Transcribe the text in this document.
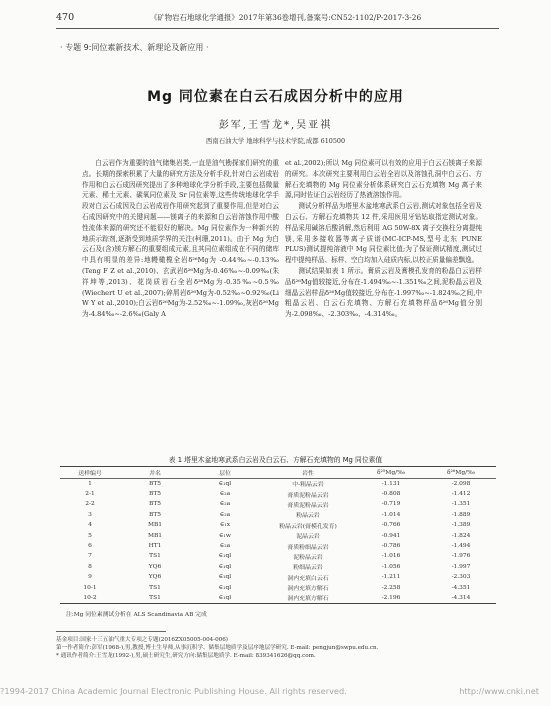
470	《矿物岩石地球化学通报》2017年第36卷增刊,备案号:CN52-1102/P-2017-3-26
· 专题 9:同位素新技术、新理论及新应用 ·
Mg 同位素在白云石成因分析中的应用
彭军,王雪龙*,吴亚祺
西南石油大学 地球科学与技术学院,成都 610500

白云岩作为重要的油气储集岩类,一直是油气勘探家们研究的重点。长期的探索积累了大量的研究方法及分析手段,针对白云岩成岩作用和白云石成因研究提出了多种地球化学分析手段,主要包括微量元素、稀土元素、碳氧同位素及 Sr 同位素等,这些传统地球化学手段对白云石成因及白云岩成岩作用研究起到了重要作用,但是对白云石成因研究中的关键问题——镁离子的来源和白云岩溶蚀作用中酸性流体来源的研究还不能很好的解决。Mg 同位素作为一种新兴的地质示踪剂,逐渐受到地质学界的关注(柯珊,2011)。由于 Mg 为白云石及(含)镁方解石的重要组成元素,且其同位素组成在不同的储库中具有明显的差异:地幔橄榄全岩δ²⁶Mg为 -0.44‰~-0.13‰(Teng F Z et al.,2010)、玄武岩δ²⁶Mg为-0.46‰~-0.09‰(朱祥坤等,2013)、花岗质岩石全岩δ²⁶Mg为-0.35‰~0.5‰(Wiechert U et al.,2007);碎屑岩δ²⁶Mg为-0.52‰~0.92‰(Li W Y et al.,2010);白云岩δ²⁶Mg为-2.52‰~-1.09‰,灰岩δ²⁶Mg为-4.84‰~-2.6‰(Galy A

et al.,2002);所以 Mg 同位素可以有效的应用于白云石镁离子来源的研究。本次研究主要利用白云岩全岩以及溶蚀孔洞中白云石、方解石充填物的 Mg 同位素分析体系研究白云石充填物 Mg 离子来源,同时佐证白云岩经历了热液溶蚀作用。

测试分析样品为塔里木盆地寒武系白云岩,测试对象包括全岩及白云石、方解石充填物共 12 件,采用医用牙钻钻取指定测试对象。样品采用碱溶后酸消解,然后利用 AG 50W-8X 离子交换柱分离提纯镁,采用多接收器等离子质谱(MC-ICP-MS,型号北东 PUNE PLUS)测试提纯溶液中 Mg 同位素比值;为了保证测试精度,测试过程中提纯样品、标样、空白均加入硅质内标,以校正质量偏差飘逸。

测试结果如表 1 所示。膏质云岩及膏模孔发育的粉晶白云岩样品δ²⁶Mg值较接近,分布在-1.494‰~-1.351‰之间,泥粉晶云岩及细晶云岩样品δ²⁶Mg值较接近,分布在-1.997‰~-1.824‰之间,中粗晶云岩、白云石充填物、方解石充填物样品δ²⁶Mg值分别为-2.098‰、-2.303‰、-4.314‰。

表 1 塔里木盆地寒武系白云岩及白云石、方解石充填物的 Mg 同位素值
送样编号	井名	层位	岩性	δ²⁵Mg/‰	δ²⁶Mg/‰
1	BT5	∈₁ql	中-粗晶云岩	-1.131	-2.098
2-1	BT5	∈₂a	膏质泥粉晶云岩	-0.808	-1.412
2-2	BT5	∈₂a	膏质泥粉晶云岩	-0.719	-1.351
3	BT5	∈₂a	粉晶云岩	-1.014	-1.889
4	MB1	∈₁x	粉晶云岩(膏模孔发育)	-0.766	-1.389
5	MB1	∈₁w	泥晶云岩	-0.941	-1.824
6	HT1	∈₂a	膏质粉细晶云岩	-0.786	-1.494
7	TS1	∈₁ql	泥粉晶云岩	-1.016	-1.976
8	YQ6	∈₁ql	粉细晶云岩	-1.056	-1.997
9	YQ6	∈₁ql	洞内充填白云石	-1.211	-2.303
10-1	TS1	∈₁ql	洞内充填方解石	-2.258	-4.351
10-2	TS1	∈₁ql	洞内充填方解石	-2.196	-4.314
注:Mg 同位素测试分析在 ALS Scandinavia AB 完成
基金项目:国家十三五油气重大专项之专题(2016ZX05005-004-006)
第一作者简介:彭军(1968-),男,教授,博士生导师,从事沉积学、储集层地质学及层序地层学研究. E-mail: pengjun@swpu.edu.cn.
* 通讯作者简介:王雪龙(1992-),男,硕士研究生,研究方向:储集层地质学. E-mail: 839341626@qq.com.
?1994-2017 China Academic Journal Electronic Publishing House. All rights reserved.	http://www.cnki.net
